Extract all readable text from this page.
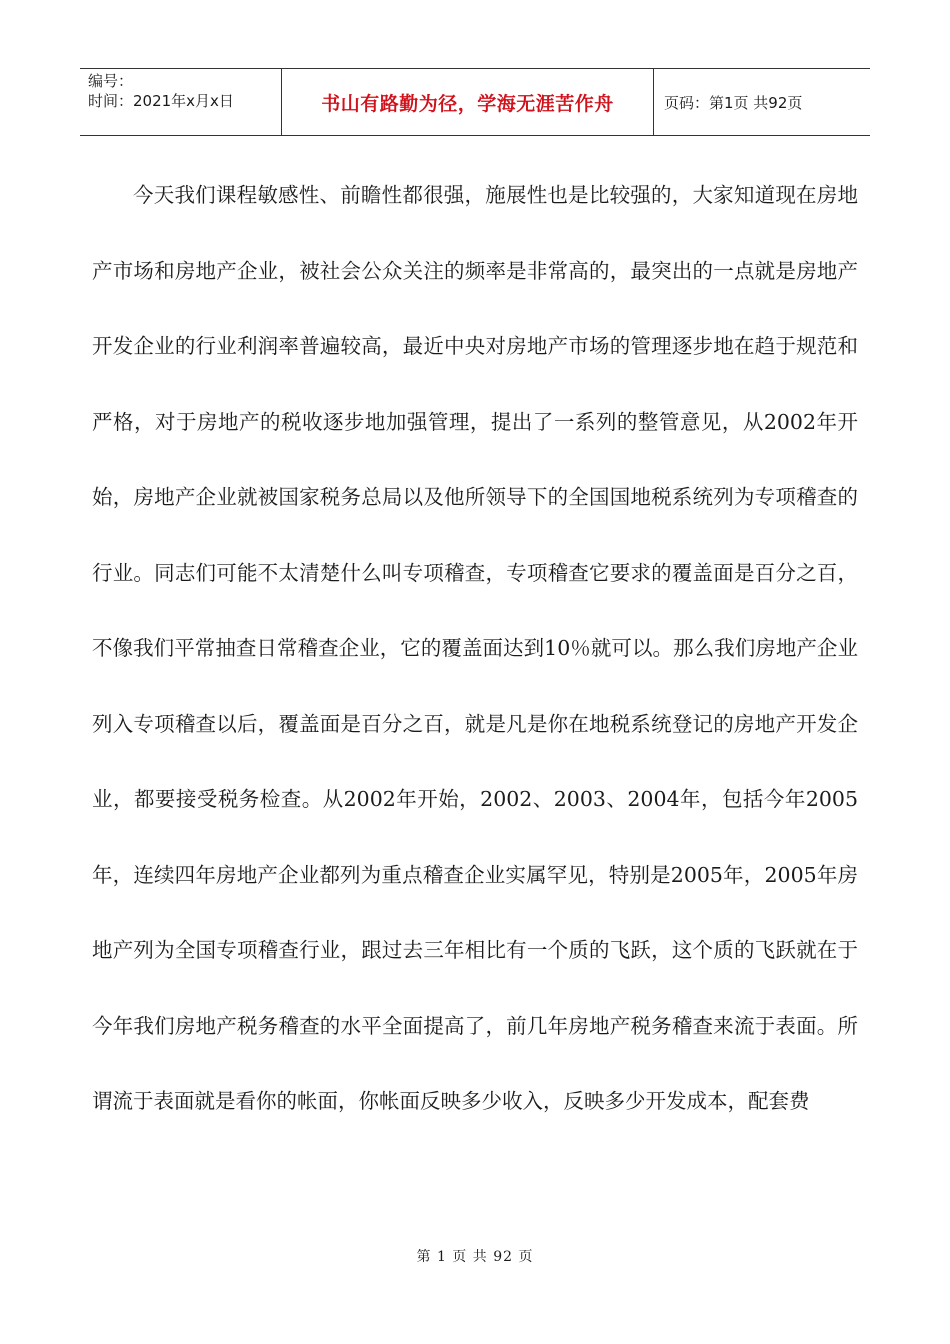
编号：
时间：2021年x月x日	书山有路勤为径，学海无涯苦作舟	页码：第1页 共92页

今天我们课程敏感性、前瞻性都很强，施展性也是比较强的，大家知道现在房地产市场和房地产企业，被社会公众关注的频率是非常高的，最突出的一点就是房地产开发企业的行业利润率普遍较高，最近中央对房地产市场的管理逐步地在趋于规范和严格，对于房地产的税收逐步地加强管理，提出了一系列的整管意见，从2002年开始，房地产企业就被国家税务总局以及他所领导下的全国国地税系统列为专项稽查的行业。同志们可能不太清楚什么叫专项稽查，专项稽查它要求的覆盖面是百分之百，不像我们平常抽查日常稽查企业，它的覆盖面达到10％就可以。那么我们房地产企业列入专项稽查以后，覆盖面是百分之百，就是凡是你在地税系统登记的房地产开发企业，都要接受税务检查。从2002年开始，2002、2003、2004年，包括今年2005年，连续四年房地产企业都列为重点稽查企业实属罕见，特别是2005年，2005年房地产列为全国专项稽查行业，跟过去三年相比有一个质的飞跃，这个质的飞跃就在于今年我们房地产税务稽查的水平全面提高了，前几年房地产税务稽查来流于表面。所谓流于表面就是看你的帐面，你帐面反映多少收入，反映多少开发成本，配套费

第 1 页 共 92 页
